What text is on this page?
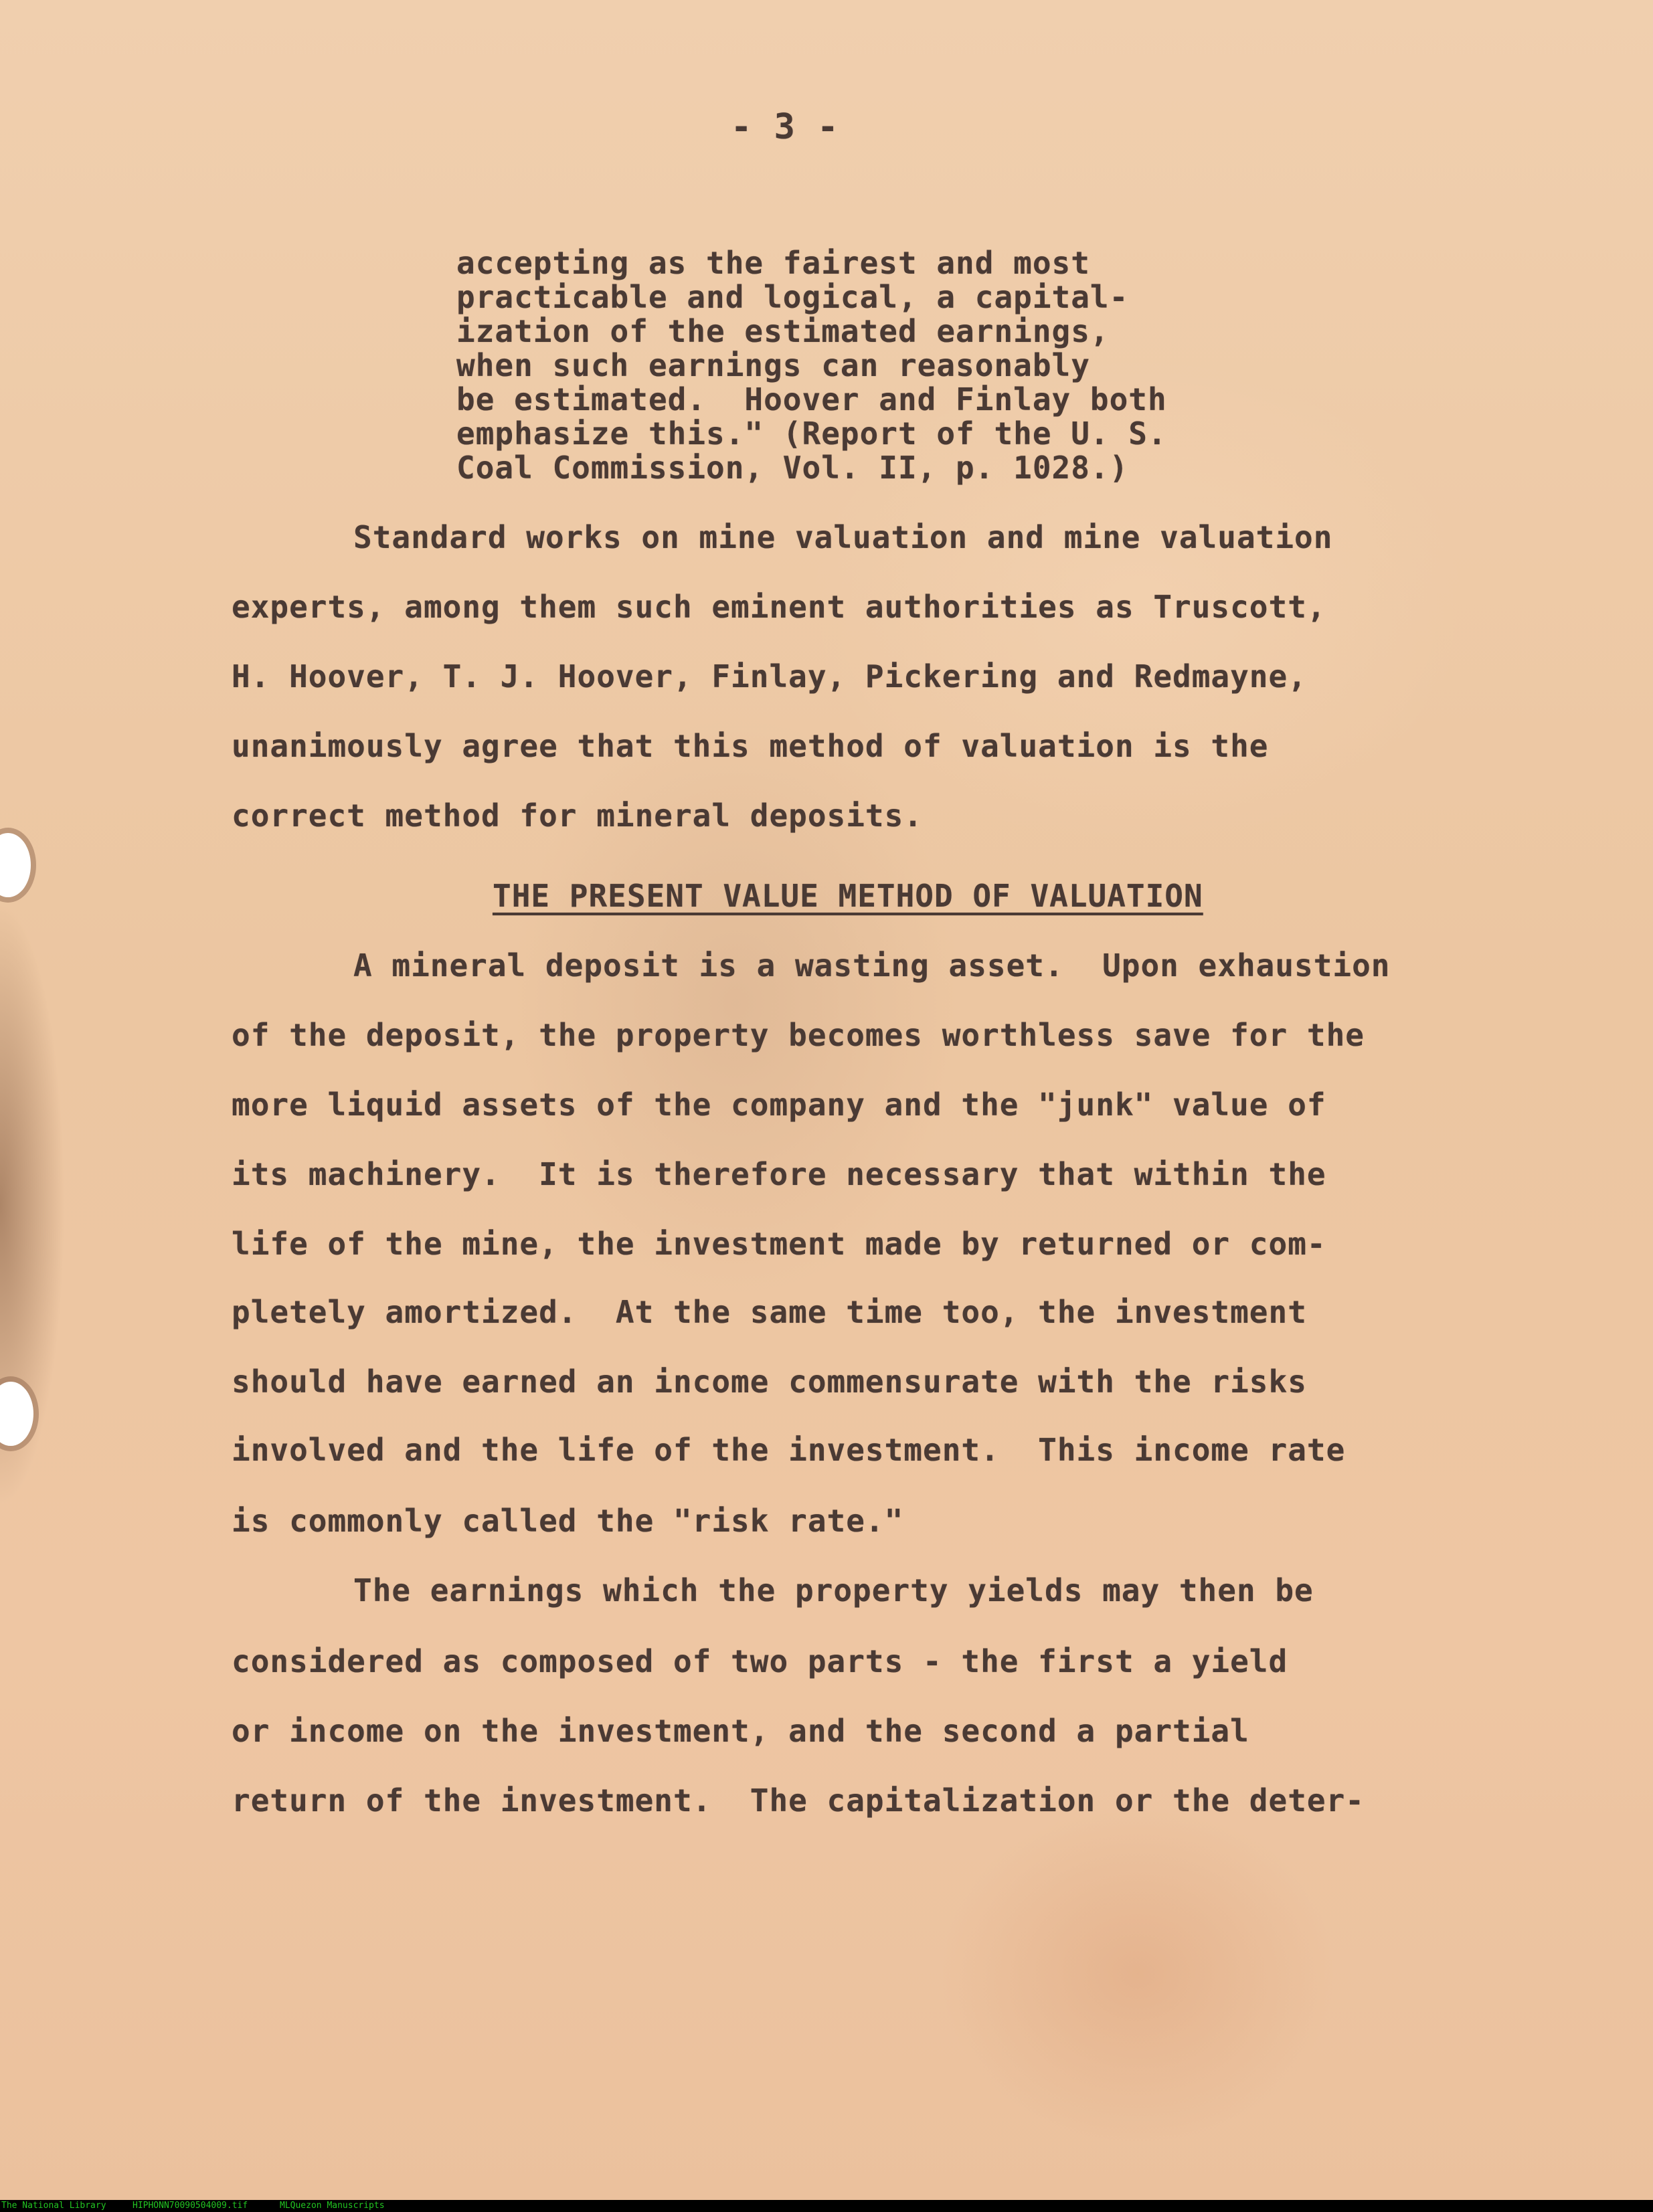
- 3 -
accepting as the fairest and most
practicable and logical, a capital-
ization of the estimated earnings,
when such earnings can reasonably
be estimated.  Hoover and Finlay both
emphasize this." (Report of the U. S.
Coal Commission, Vol. II, p. 1028.)
Standard works on mine valuation and mine valuation
experts, among them such eminent authorities as Truscott,
H. Hoover, T. J. Hoover, Finlay, Pickering and Redmayne,
unanimously agree that this method of valuation is the
correct method for mineral deposits.
THE PRESENT VALUE METHOD OF VALUATION
A mineral deposit is a wasting asset.  Upon exhaustion
of the deposit, the property becomes worthless save for the
more liquid assets of the company and the "junk" value of
its machinery.  It is therefore necessary that within the
life of the mine, the investment made by returned or com-
pletely amortized.  At the same time too, the investment
should have earned an income commensurate with the risks
involved and the life of the investment.  This income rate
is commonly called the "risk rate."
The earnings which the property yields may then be
considered as composed of two parts - the first a yield
or income on the investment, and the second a partial
return of the investment.  The capitalization or the deter-
The National Library	HIPHONN70090504009.tif	MLQuezon Manuscripts
